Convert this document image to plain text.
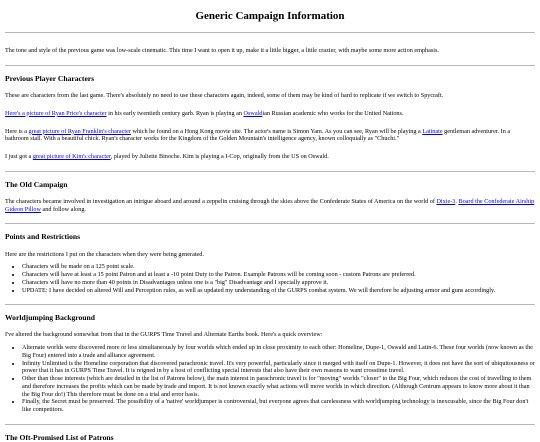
Generic Campaign Information

The tone and style of the previous game was low-scale cinematic. This time I want to open it up, make it a little bigger, a little crazier, with maybe some more action emphasis.

Previous Player Characters

These are characters from the last game. There's absolutely no need to use these characters again, indeed, some of them may be kind of hard to replicate if we switch to Spycraft.

Here's a picture of Ryan Price's character in his early twentieth century garb. Ryan is playing an Oswaldian Russian academic who works for the United Nations.

Here is a great picture of Ryan Franklin's character which he found on a Hong Kong movie site. The actor's name is Simon Yam. As you can see, Ryan will be playing a Latinate gentleman adventurer. In a bathroom stall. With a beautiful chick. Ryan's character works for the Kingdom of the Golden Mountain's intelligence agency, known colloquially as "Chuchi."

I just got a great picture of Kim's character, played by Juliette Binoche. Kim is playing a I-Cop, originally from the US on Oswald.

The Old Campaign

The characters became involved in investigation an intrigue aboard and around a zeppelin cruising through the skies above the Confederate States of America on the world of Dixie-3. Board the Confederate Airship Gideon Pillow and follow along.

Points and Restrictions

Here are the restrictions I put on the characters when they were being generated.

• Characters will be made on a 125 point scale.
• Characters will have at least a 15 point Patron and at least a -10 point Duty to the Patron. Example Patrons will be coming soon - custom Patrons are preferred.
• Characters will have no more than 40 points in Disadvantages unless one is a "big" Disadvantage and I specially approve it.
• UPDATE: I have decided on altered Will and Perception rules, as well as updated my understanding of the GURPS combat system. We will therefore be adjusting armor and guns accordingly.
Worldjumping Background

I've altered the background somewhat from that in the GURPS Time Travel and Alternate Earths book. Here's a quick overview:

• Alternate worlds were discovered more or less simultaneously by four worlds which ended up in close proximity to each other: Homeline, Dupe-1, Oswald and Latin-6. These four worlds (now known as the Big Four) entered into a trade and alliance agreement.
• Infinity Unlimited is the Homeline corporation that discovered parachronic travel. It's very powerful, particularly since it merged with itself on Dupe-1. However, it does not have the sort of ubiquitousness or power that it has in GURPS Time Travel. It is reigned in by a host of conflicting special interests that also have their own reasons to want crosstime travel.
• Other than those interests (which are detailed in the list of Patrons below), the main interest in parachronic travel is for "moving" worlds "closer" to the Big Four, which reduces the cost of travelling to them and therefore increases the profits which can be made by trade and import. It is not known exactly what actions will move worlds in which direction. (Although Centrum appears to know more about it than the Big Four do!) This therefore must be done on a trial and error basis.
• Finally, the Secret must be preserved. The possibility of a 'native' worldjumper is controversial, but everyone agrees that carelessness with worldjumping technology is inexcusable, since the Big Four don't like competitors.
The Oft-Promised List of Patrons
